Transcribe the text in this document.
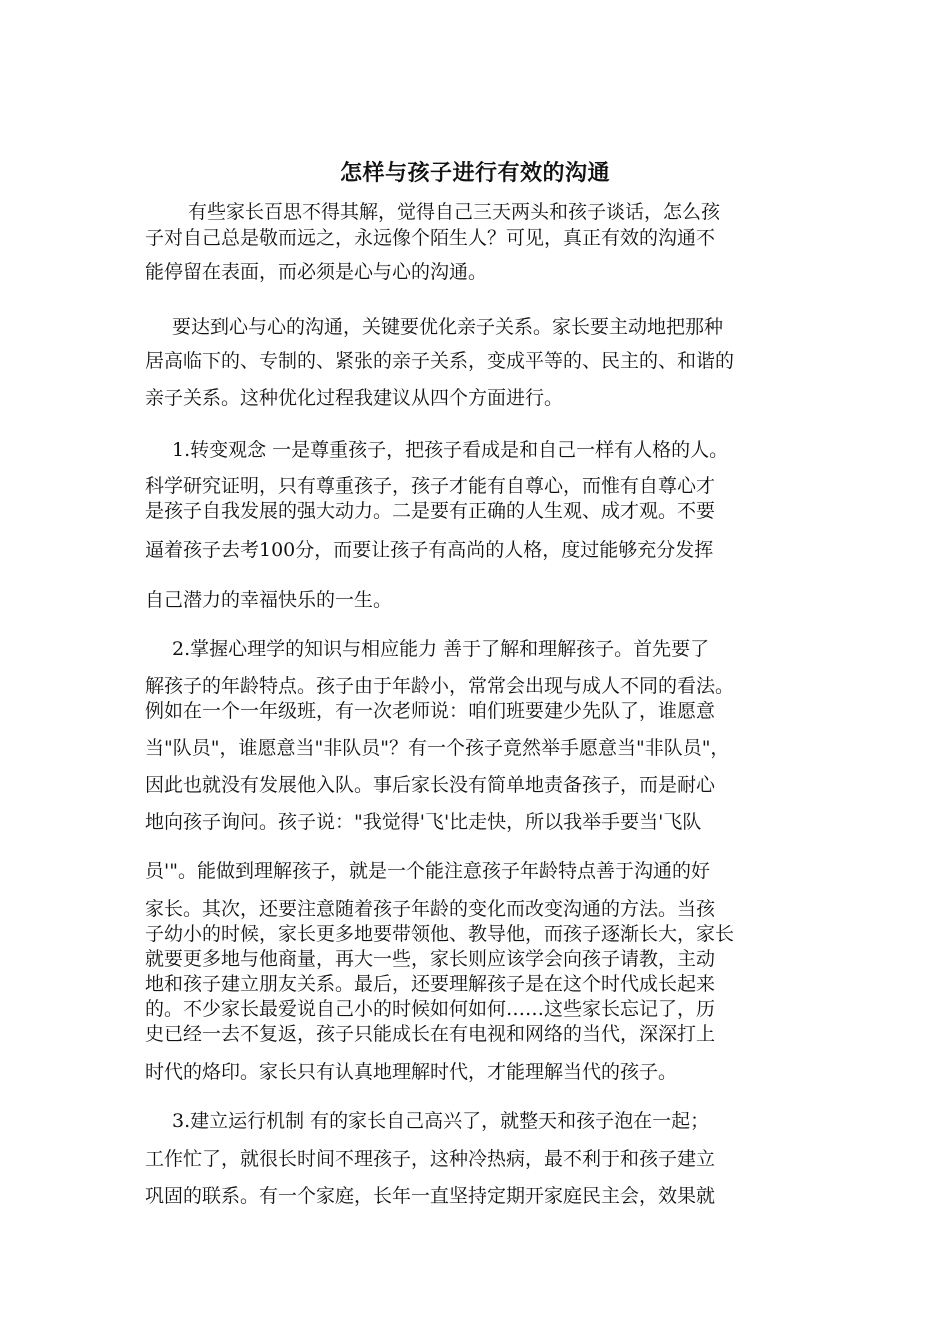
怎样与孩子进行有效的沟通
有些家长百思不得其解，觉得自己三天两头和孩子谈话，怎么孩
子对自己总是敬而远之，永远像个陌生人？可见，真正有效的沟通不
能停留在表面，而必须是心与心的沟通。
要达到心与心的沟通，关键要优化亲子关系。家长要主动地把那种
居高临下的、专制的、紧张的亲子关系，变成平等的、民主的、和谐的
亲子关系。这种优化过程我建议从四个方面进行。
1.转变观念 一是尊重孩子，把孩子看成是和自己一样有人格的人。
科学研究证明，只有尊重孩子，孩子才能有自尊心，而惟有自尊心才
是孩子自我发展的强大动力。二是要有正确的人生观、成才观。不要
逼着孩子去考100分，而要让孩子有高尚的人格，度过能够充分发挥
自己潜力的幸福快乐的一生。
2.掌握心理学的知识与相应能力 善于了解和理解孩子。首先要了
解孩子的年龄特点。孩子由于年龄小，常常会出现与成人不同的看法。
例如在一个一年级班，有一次老师说：咱们班要建少先队了，谁愿意
当"队员"，谁愿意当"非队员"？有一个孩子竟然举手愿意当"非队员"，
因此也就没有发展他入队。事后家长没有简单地责备孩子，而是耐心
地向孩子询问。孩子说："我觉得'飞'比走快，所以我举手要当'飞队
员'"。能做到理解孩子，就是一个能注意孩子年龄特点善于沟通的好
家长。其次，还要注意随着孩子年龄的变化而改变沟通的方法。当孩
子幼小的时候，家长更多地要带领他、教导他，而孩子逐渐长大，家长
就要更多地与他商量，再大一些，家长则应该学会向孩子请教，主动
地和孩子建立朋友关系。最后，还要理解孩子是在这个时代成长起来
的。不少家长最爱说自己小的时候如何如何……这些家长忘记了，历
史已经一去不复返，孩子只能成长在有电视和网络的当代，深深打上
时代的烙印。家长只有认真地理解时代，才能理解当代的孩子。
3.建立运行机制 有的家长自己高兴了，就整天和孩子泡在一起；
工作忙了，就很长时间不理孩子，这种冷热病，最不利于和孩子建立
巩固的联系。有一个家庭，长年一直坚持定期开家庭民主会，效果就
